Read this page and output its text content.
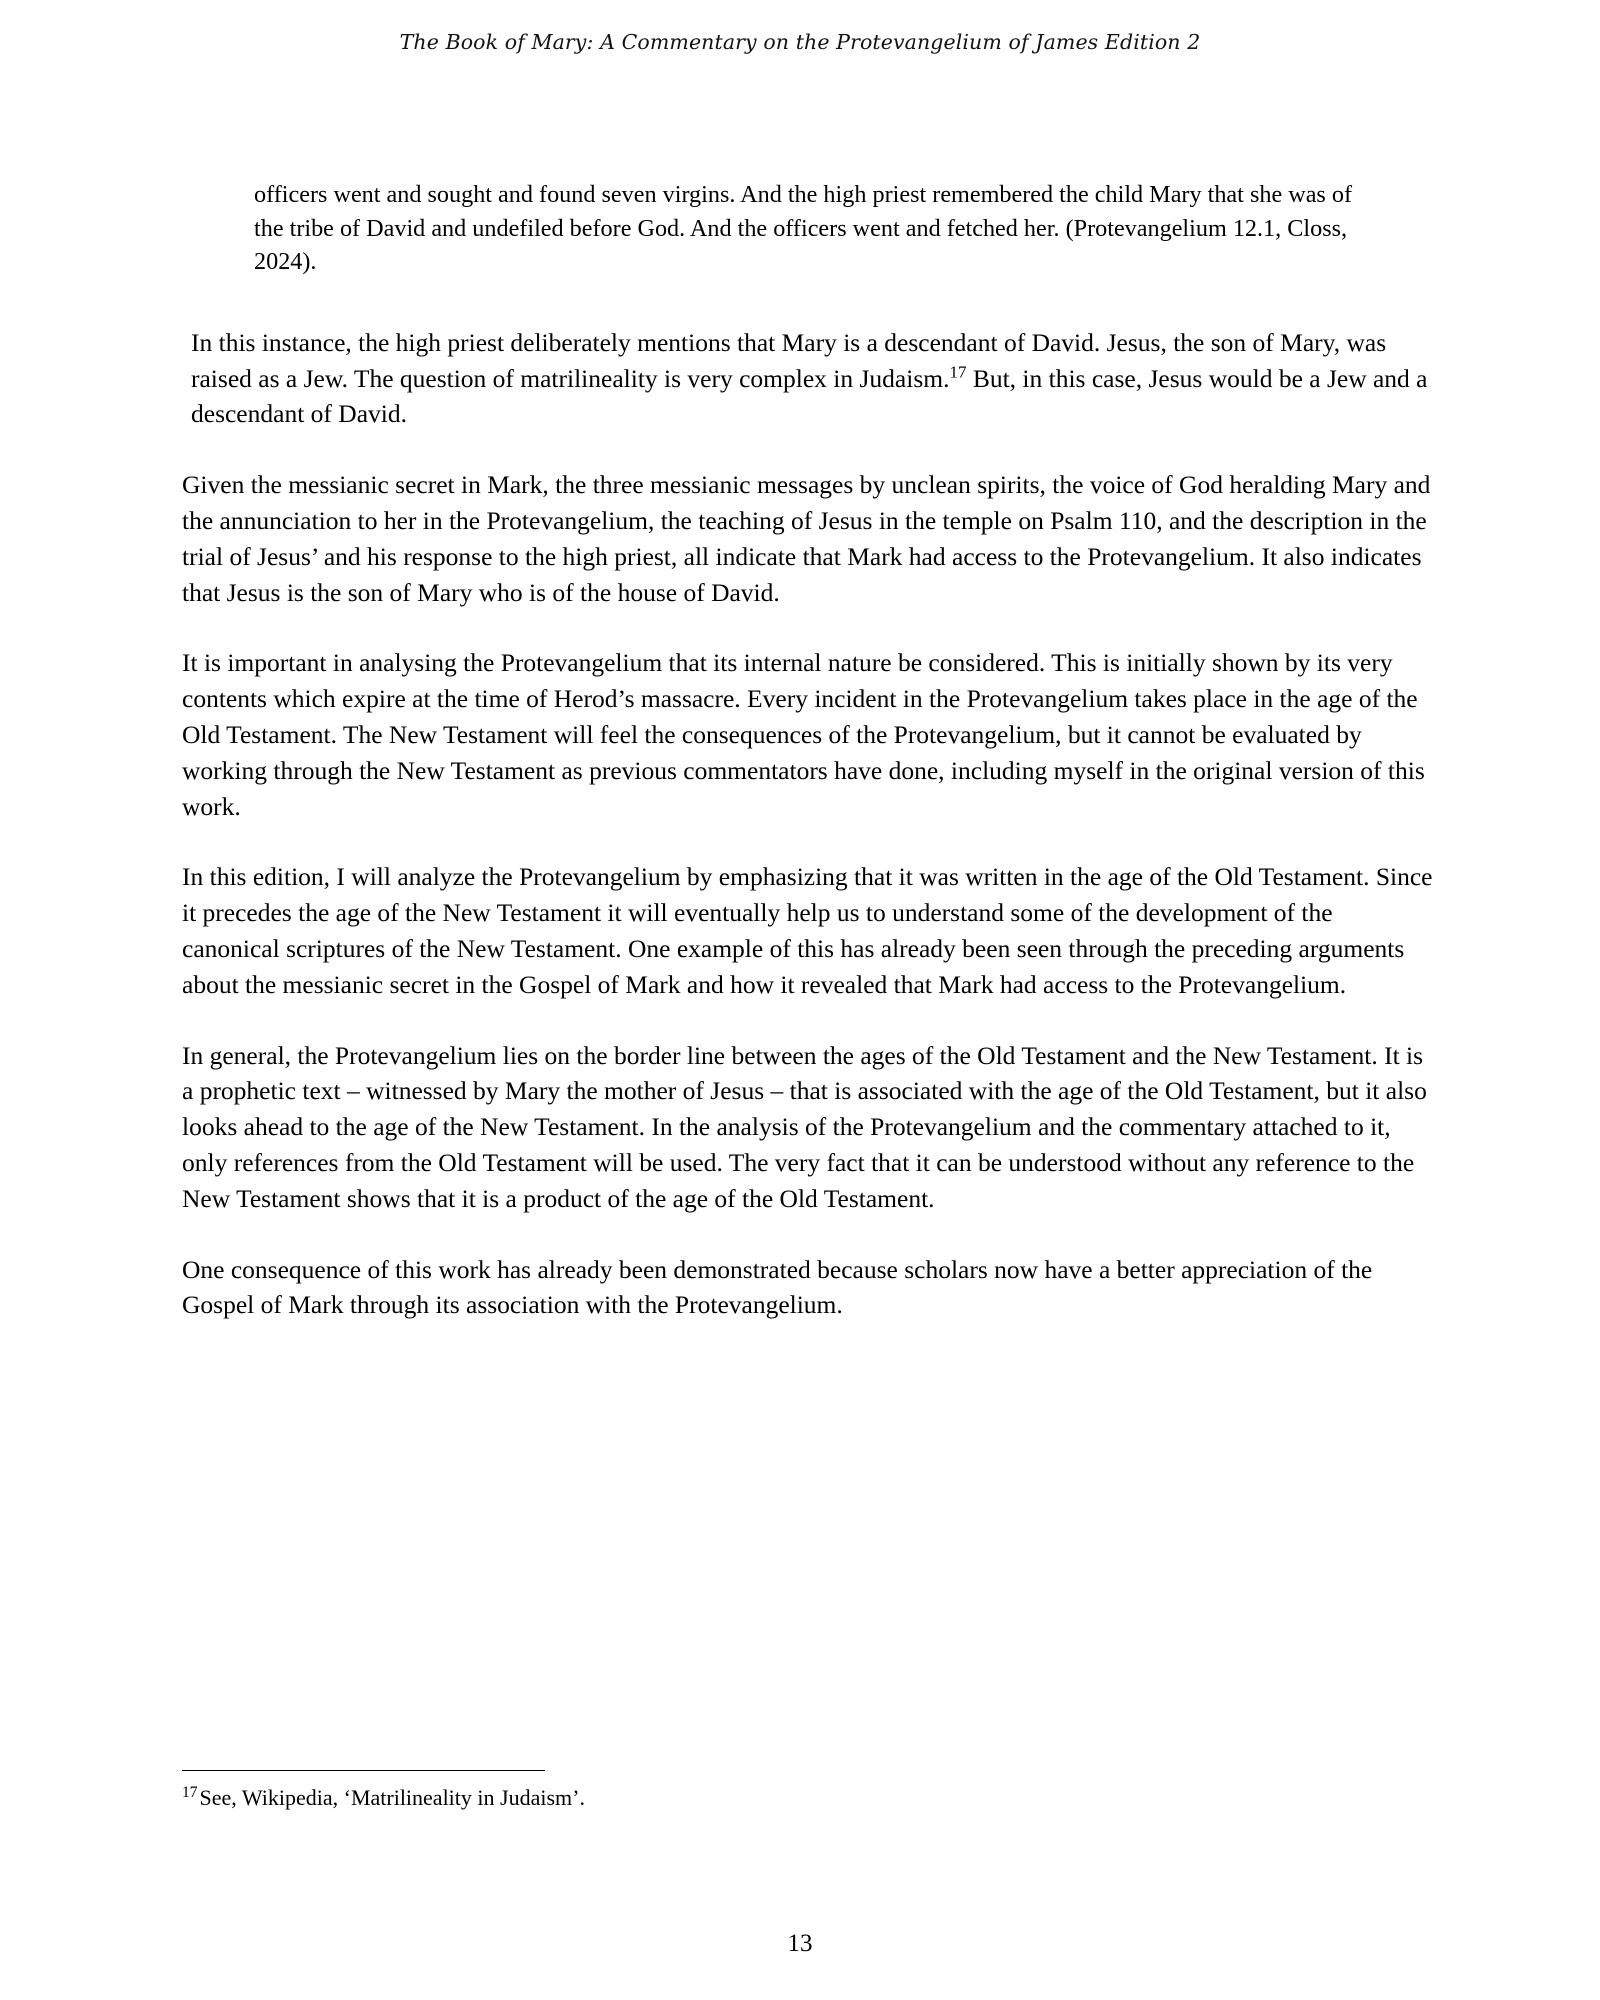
The Book of Mary: A Commentary on the Protevangelium of James Edition 2
officers went and sought and found seven virgins. And the high priest remembered the child Mary that she was of the tribe of David and undefiled before God. And the officers went and fetched her. (Protevangelium 12.1, Closs, 2024).

In this instance, the high priest deliberately mentions that Mary is a descendant of David. Jesus, the son of Mary, was raised as a Jew. The question of matrilineality is very complex in Judaism.$^{17}$ But, in this case, Jesus would be a Jew and a descendant of David.

Given the messianic secret in Mark, the three messianic messages by unclean spirits, the voice of God heralding Mary and the annunciation to her in the Protevangelium, the teaching of Jesus in the temple on Psalm 110, and the description in the trial of Jesus’ and his response to the high priest, all indicate that Mark had access to the Protevangelium. It also indicates that Jesus is the son of Mary who is of the house of David.

It is important in analysing the Protevangelium that its internal nature be considered. This is initially shown by its very contents which expire at the time of Herod’s massacre. Every incident in the Protevangelium takes place in the age of the Old Testament. The New Testament will feel the consequences of the Protevangelium, but it cannot be evaluated by working through the New Testament as previous commentators have done, including myself in the original version of this work.

In this edition, I will analyze the Protevangelium by emphasizing that it was written in the age of the Old Testament. Since it precedes the age of the New Testament it will eventually help us to understand some of the development of the canonical scriptures of the New Testament. One example of this has already been seen through the preceding arguments about the messianic secret in the Gospel of Mark and how it revealed that Mark had access to the Protevangelium.

In general, the Protevangelium lies on the border line between the ages of the Old Testament and the New Testament. It is a prophetic text – witnessed by Mary the mother of Jesus – that is associated with the age of the Old Testament, but it also looks ahead to the age of the New Testament. In the analysis of the Protevangelium and the commentary attached to it, only references from the Old Testament will be used. The very fact that it can be understood without any reference to the New Testament shows that it is a product of the age of the Old Testament.

One consequence of this work has already been demonstrated because scholars now have a better appreciation of the Gospel of Mark through its association with the Protevangelium.

$^{17}$See, Wikipedia, ‘Matrilineality in Judaism’.
13
